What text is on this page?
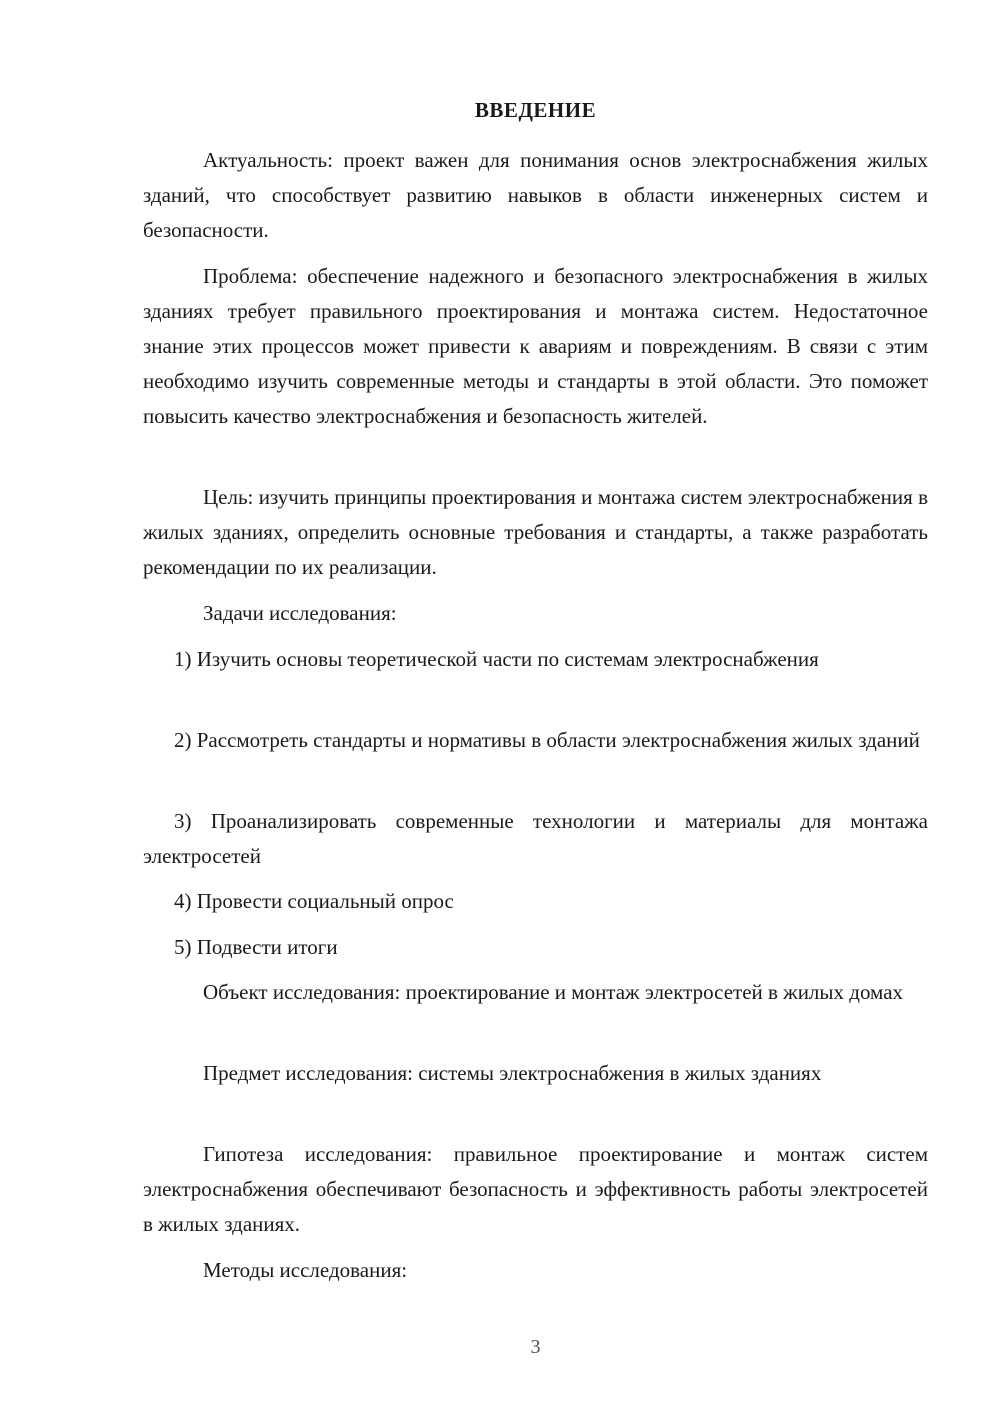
ВВЕДЕНИЕ

Актуальность: проект важен для понимания основ электроснабжения жилых зданий, что способствует развитию навыков в области инженерных систем и безопасности.

Проблема: обеспечение надежного и безопасного электроснабжения в жилых зданиях требует правильного проектирования и монтажа систем. Недостаточное знание этих процессов может привести к авариям и повреждениям. В связи с этим необходимо изучить современные методы и стандарты в этой области. Это поможет повысить качество электроснабжения и безопасность жителей.

Цель: изучить принципы проектирования и монтажа систем электроснабжения в жилых зданиях, определить основные требования и стандарты, а также разработать рекомендации по их реализации.

Задачи исследования:

1) Изучить основы теоретической части по системам электроснабжения

2) Рассмотреть стандарты и нормативы в области электроснабжения жилых зданий

3) Проанализировать современные технологии и материалы для монтажа электросетей

4) Провести социальный опрос

5) Подвести итоги

Объект исследования: проектирование и монтаж электросетей в жилых домах

Предмет исследования: системы электроснабжения в жилых зданиях

Гипотеза исследования: правильное проектирование и монтаж систем электроснабжения обеспечивают безопасность и эффективность работы электросетей в жилых зданиях.

Методы исследования:

3
